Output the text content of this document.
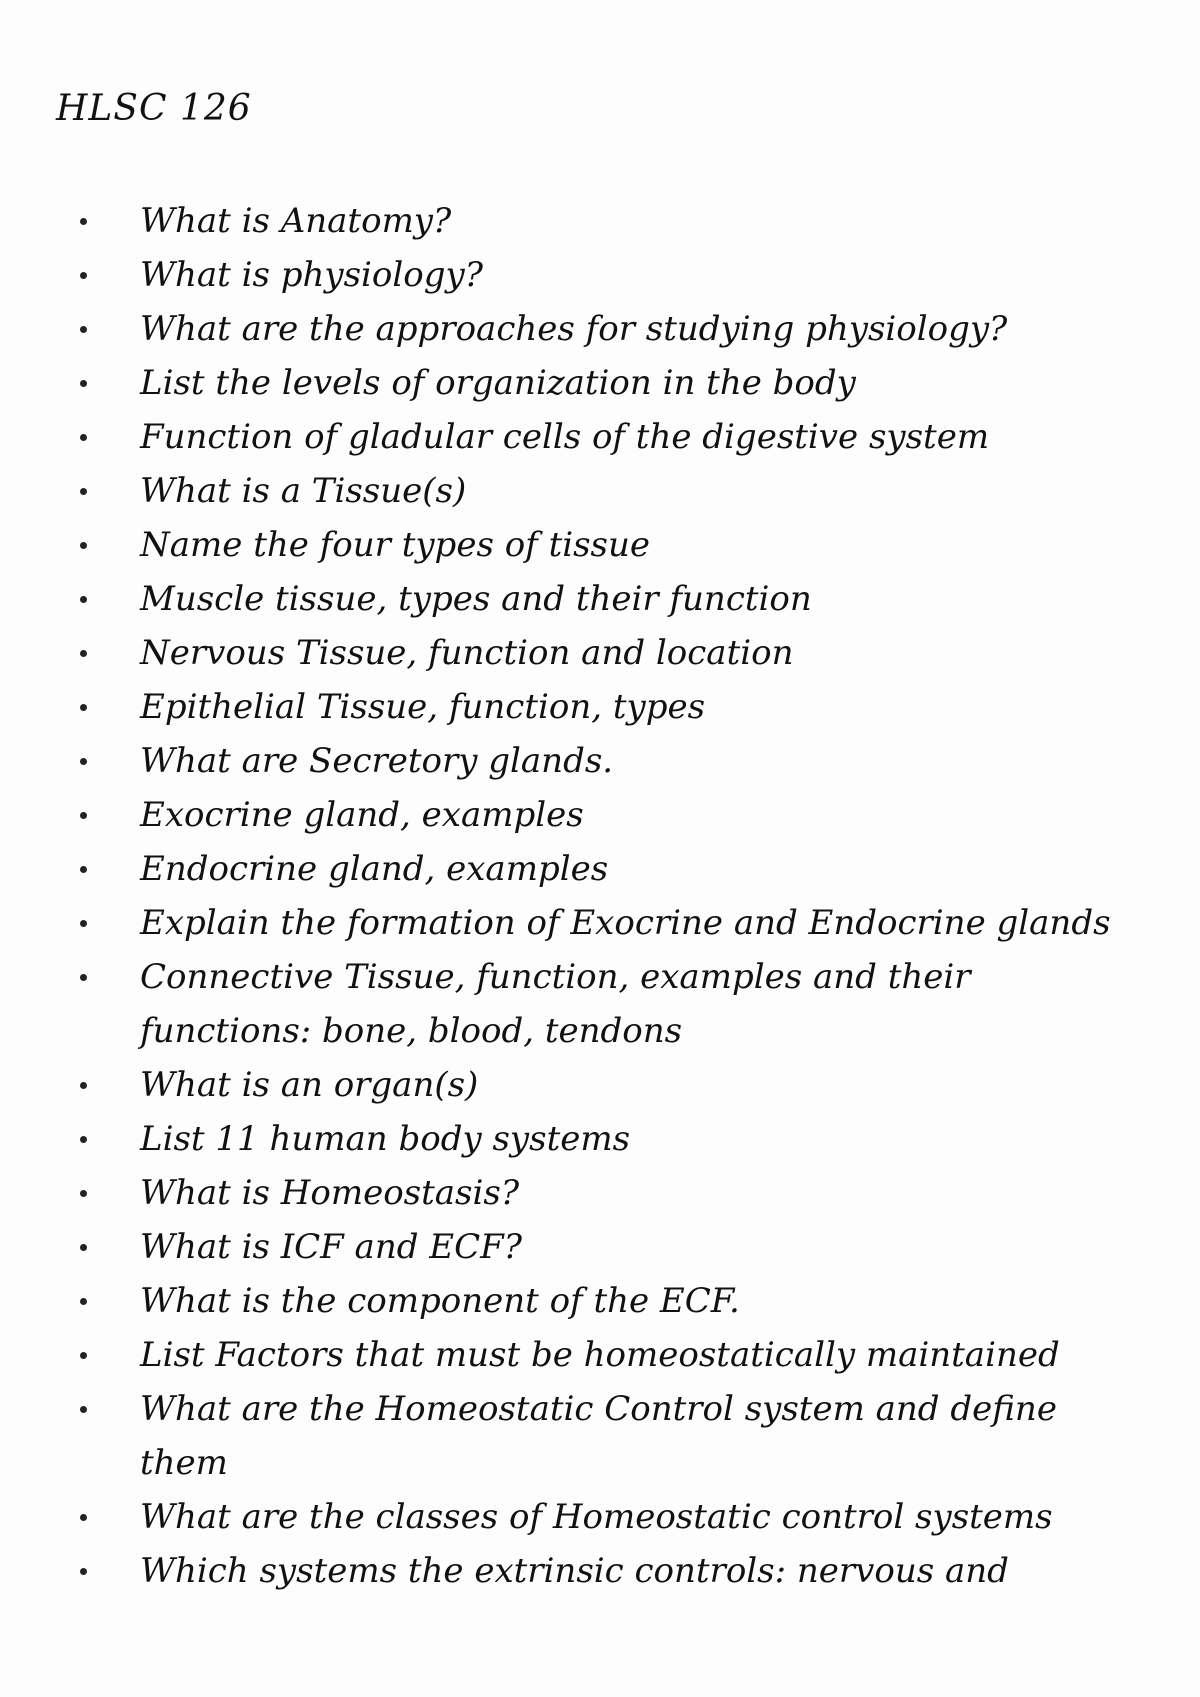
HLSC 126
What is Anatomy?
What is physiology?
What are the approaches for studying physiology?
List the levels of organization in the body
Function of gladular cells of the digestive system
What is a Tissue(s)
Name the four types of tissue
Muscle tissue, types and their function
Nervous Tissue, function and location
Epithelial Tissue, function, types
What are Secretory glands.
Exocrine gland, examples
Endocrine gland, examples
Explain the formation of Exocrine and Endocrine glands
Connective Tissue, function, examples and their functions: bone, blood, tendons
What is an organ(s)
List 11 human body systems
What is Homeostasis?
What is ICF and ECF?
What is the component of the ECF.
List Factors that must be homeostatically maintained
What are the Homeostatic Control system and define them
What are the classes of Homeostatic control systems
Which systems the extrinsic controls: nervous and
